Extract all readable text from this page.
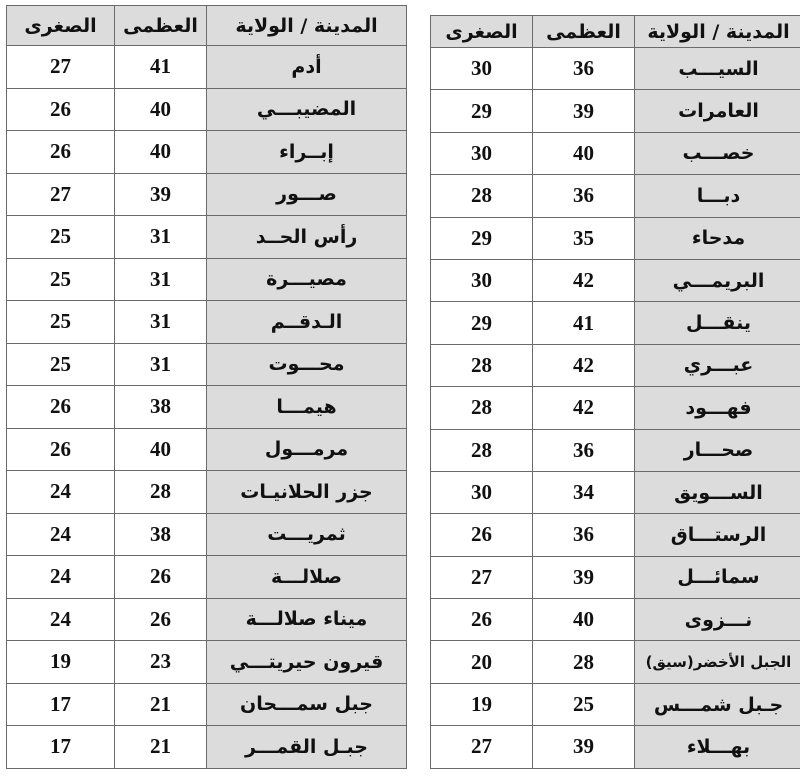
المدينة / الولاية	العظمى	الصغرى
أدم	41	27
المضيبـــي	40	26
إبــراء	40	26
صـــور	39	27
رأس الحــد	31	25
مصيـــرة	31	25
الـدقــم	31	25
محـــوت	31	25
هيمـــا	38	26
مرمـــول	40	26
جزر الحلانيـات	28	24
ثمريـــت	38	24
صلالـــة	26	24
ميناء صلالـــة	26	24
قيرون حيريتـــي	23	19
جبل سمـــحان	21	17
جبـل القمـــر	21	17
المدينة / الولاية	العظمى	الصغرى
السيـــب	36	30
العامرات	39	29
خصـــب	40	30
دبـــا	36	28
مدحاء	35	29
البريمـــي	42	30
ينقـــل	41	29
عبـــري	42	28
فهـــود	42	28
صحـــار	36	28
الســـويق	34	30
الرستـــاق	36	26
سمائـــل	39	27
نـــزوى	40	26
الجبل الأخضر(سيق)	28	20
جـبل شمـــس	25	19
بهـــلاء	39	27
